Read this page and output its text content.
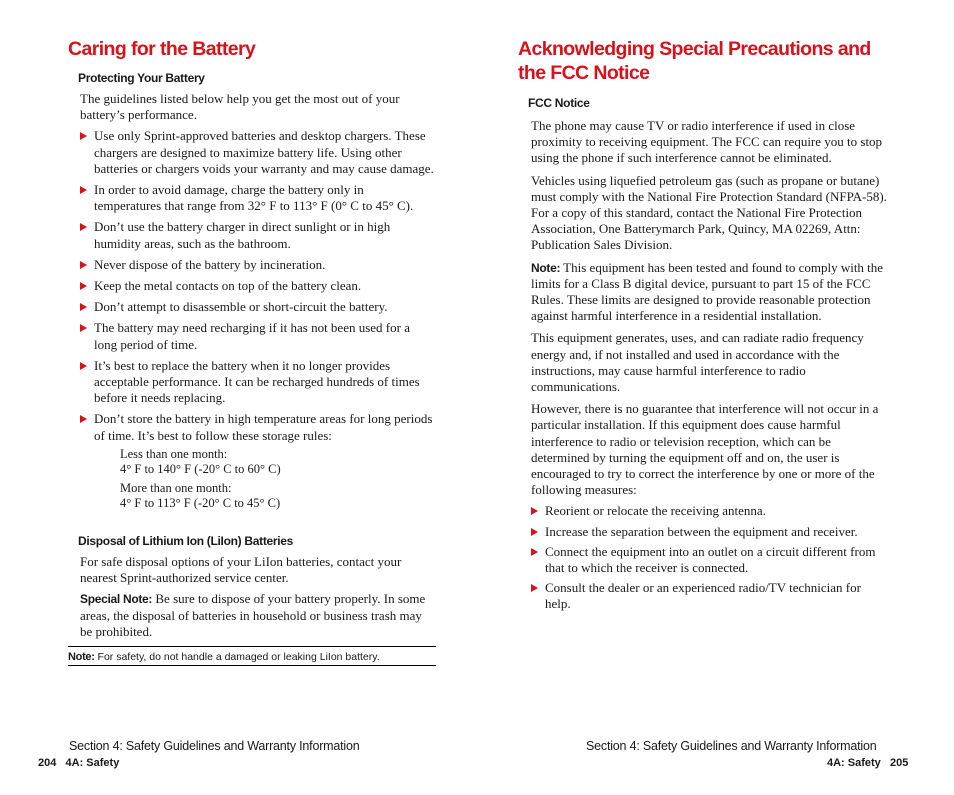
Caring for the Battery
Protecting Your Battery

The guidelines listed below help you get the most out of your battery’s performance.

Use only Sprint-approved batteries and desktop chargers. These chargers are designed to maximize battery life. Using other batteries or chargers voids your warranty and may cause damage.
In order to avoid damage, charge the battery only in temperatures that range from 32° F to 113° F (0° C to 45° C).
Don’t use the battery charger in direct sunlight or in high humidity areas, such as the bathroom.
Never dispose of the battery by incineration.
Keep the metal contacts on top of the battery clean.
Don’t attempt to disassemble or short-circuit the battery.
The battery may need recharging if it has not been used for a long period of time.
It’s best to replace the battery when it no longer provides acceptable performance. It can be recharged hundreds of times before it needs replacing.
Don’t store the battery in high temperature areas for long periods of time. It’s best to follow these storage rules:
Less than one month:
4° F to 140° F (-20° C to 60° C)
More than one month:
4° F to 113° F (-20° C to 45° C)
Disposal of Lithium Ion (LiIon) Batteries

For safe disposal options of your LiIon batteries, contact your nearest Sprint-authorized service center.

Special Note: Be sure to dispose of your battery properly. In some areas, the disposal of batteries in household or business trash may be prohibited.

Note: For safety, do not handle a damaged or leaking LiIon battery.
Section 4: Safety Guidelines and Warranty Information
204   4A: Safety
Acknowledging Special Precautions and the FCC Notice
FCC Notice

The phone may cause TV or radio interference if used in close proximity to receiving equipment. The FCC can require you to stop using the phone if such interference cannot be eliminated.

Vehicles using liquefied petroleum gas (such as propane or butane) must comply with the National Fire Protection Standard (NFPA-58). For a copy of this standard, contact the National Fire Protection Association, One Batterymarch Park, Quincy, MA 02269, Attn: Publication Sales Division.

Note: This equipment has been tested and found to comply with the limits for a Class B digital device, pursuant to part 15 of the FCC Rules. These limits are designed to provide reasonable protection against harmful interference in a residential installation.

This equipment generates, uses, and can radiate radio frequency energy and, if not installed and used in accordance with the instructions, may cause harmful interference to radio communications.

However, there is no guarantee that interference will not occur in a particular installation. If this equipment does cause harmful interference to radio or television reception, which can be determined by turning the equipment off and on, the user is encouraged to try to correct the interference by one or more of the following measures:

Reorient or relocate the receiving antenna.
Increase the separation between the equipment and receiver.
Connect the equipment into an outlet on a circuit different from that to which the receiver is connected.
Consult the dealer or an experienced radio/TV technician for help.
Section 4: Safety Guidelines and Warranty Information
4A: Safety   205
